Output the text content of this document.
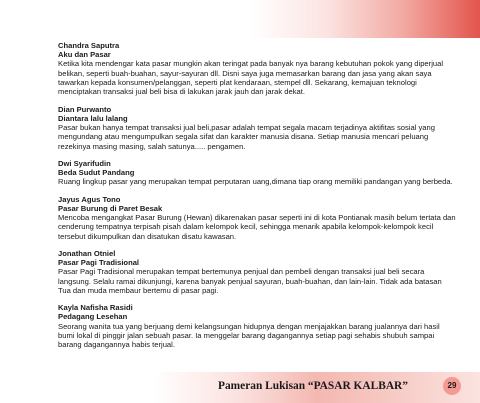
Chandra Saputra
Aku dan Pasar

Ketika kita mendengar kata pasar mungkin akan teringat pada banyak nya barang kebutuhan pokok yang diperjual belikan, seperti buah-buahan, sayur-sayuran dll. Disni saya juga memasarkan barang dan jasa yang akan saya tawarkan kepada konsumen/pelanggan, seperti plat kendaraan, stempel dll. Sekarang, kemajuan teknologi menciptakan transaksi jual beli bisa di lakukan jarak jauh dan jarak dekat.

Dian Purwanto
Diantara lalu lalang

Pasar bukan hanya tempat transaksi jual beli,pasar adalah tempat segala macam terjadinya aktifitas sosial yang mengundang atau mengumpulkan segala sifat dan karakter manusia disana. Setiap manusia mencari peluang rezekinya masing masing, salah satunya..... pengamen.

Dwi Syarifudin
Beda Sudut Pandang

Ruang lingkup pasar yang merupakan tempat perputaran uang,dimana tiap orang memiliki pandangan yang berbeda.

Jayus Agus Tono
Pasar Burung di Paret Besak

Mencoba mengangkat Pasar Burung (Hewan) dikarenakan pasar seperti ini di kota Pontianak masih belum tertata dan cenderung tempatnya terpisah pisah dalam kelompok kecil, sehingga menarik apabila kelompok-kelompok kecil tersebut dikumpulkan dan disatukan disatu kawasan.

Jonathan Otniel
Pasar Pagi Tradisional

Pasar Pagi Tradisional merupakan tempat bertemunya penjual dan pembeli dengan transaksi jual beli secara langsung. Selalu ramai dikunjungi, karena banyak penjual sayuran, buah-buahan, dan lain-lain. Tidak ada batasan Tua dan muda membaur bertemu di pasar pagi.

Kayla Nafisha Rasidi
Pedagang Lesehan

Seorang wanita tua yang berjuang demi kelangsungan hidupnya dengan menjajakkan barang jualannya dari hasil bumi lokal di pinggir jalan sebuah pasar. Ia menggelar barang dagangannya setiap pagi sehabis shubuh sampai barang dagangannya habis terjual.

Pameran Lukisan “PASAR KALBAR”	29
